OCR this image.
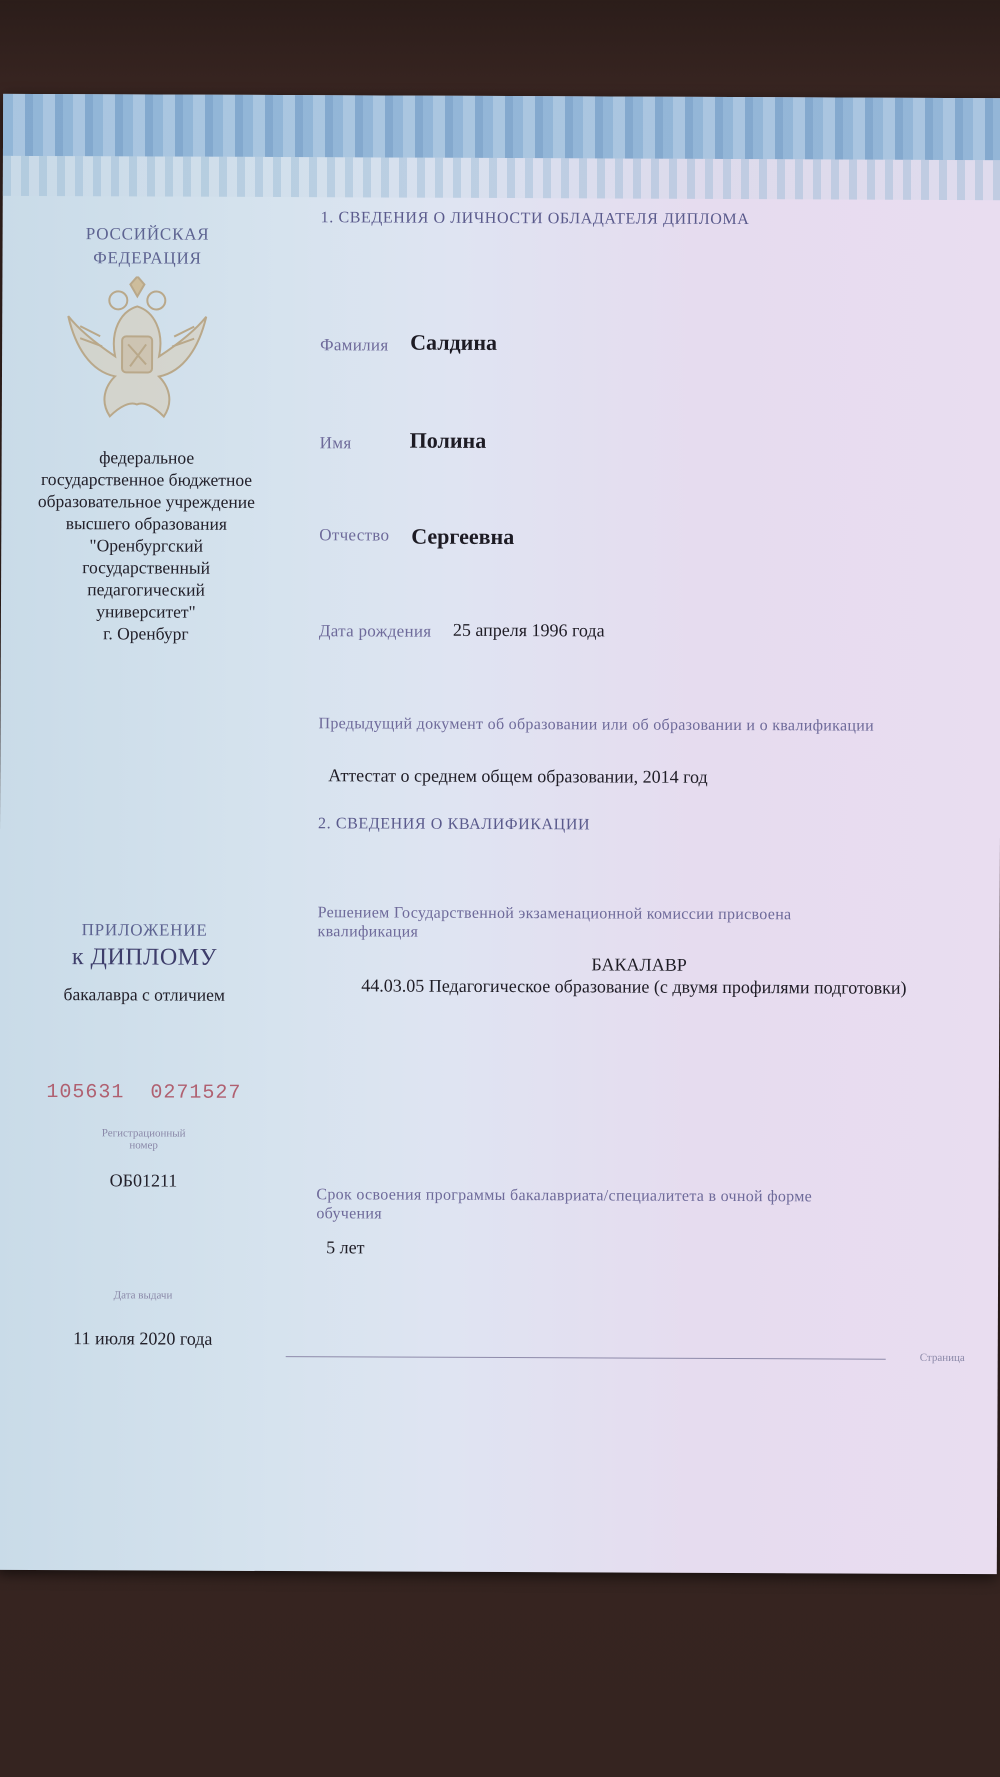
РОССИЙСКАЯ
ФЕДЕРАЦИЯ
федеральное
государственное бюджетное
образовательное учреждение
высшего образования
"Оренбургский
государственный
педагогический
университет"
г. Оренбург
ПРИЛОЖЕНИЕ
к ДИПЛОМУ
бакалавра с отличием
105631  0271527
Регистрационный
номер
ОБ01211
Дата выдачи
11 июля 2020 года
1. СВЕДЕНИЯ О ЛИЧНОСТИ ОБЛАДАТЕЛЯ ДИПЛОМА
Фамилия Салдина
Имя	Полина
Отчество Сергеевна
Дата рождения 25 апреля 1996 года
Предыдущий документ об образовании или об образовании и о квалификации
Аттестат о среднем общем образовании, 2014 год
2. СВЕДЕНИЯ О КВАЛИФИКАЦИИ
Решением Государственной экзаменационной комиссии присвоена
квалификация
БАКАЛАВР
44.03.05 Педагогическое образование (с двумя профилями подготовки)
Срок освоения программы бакалавриата/специалитета в очной форме
обучения
5 лет
Страница
